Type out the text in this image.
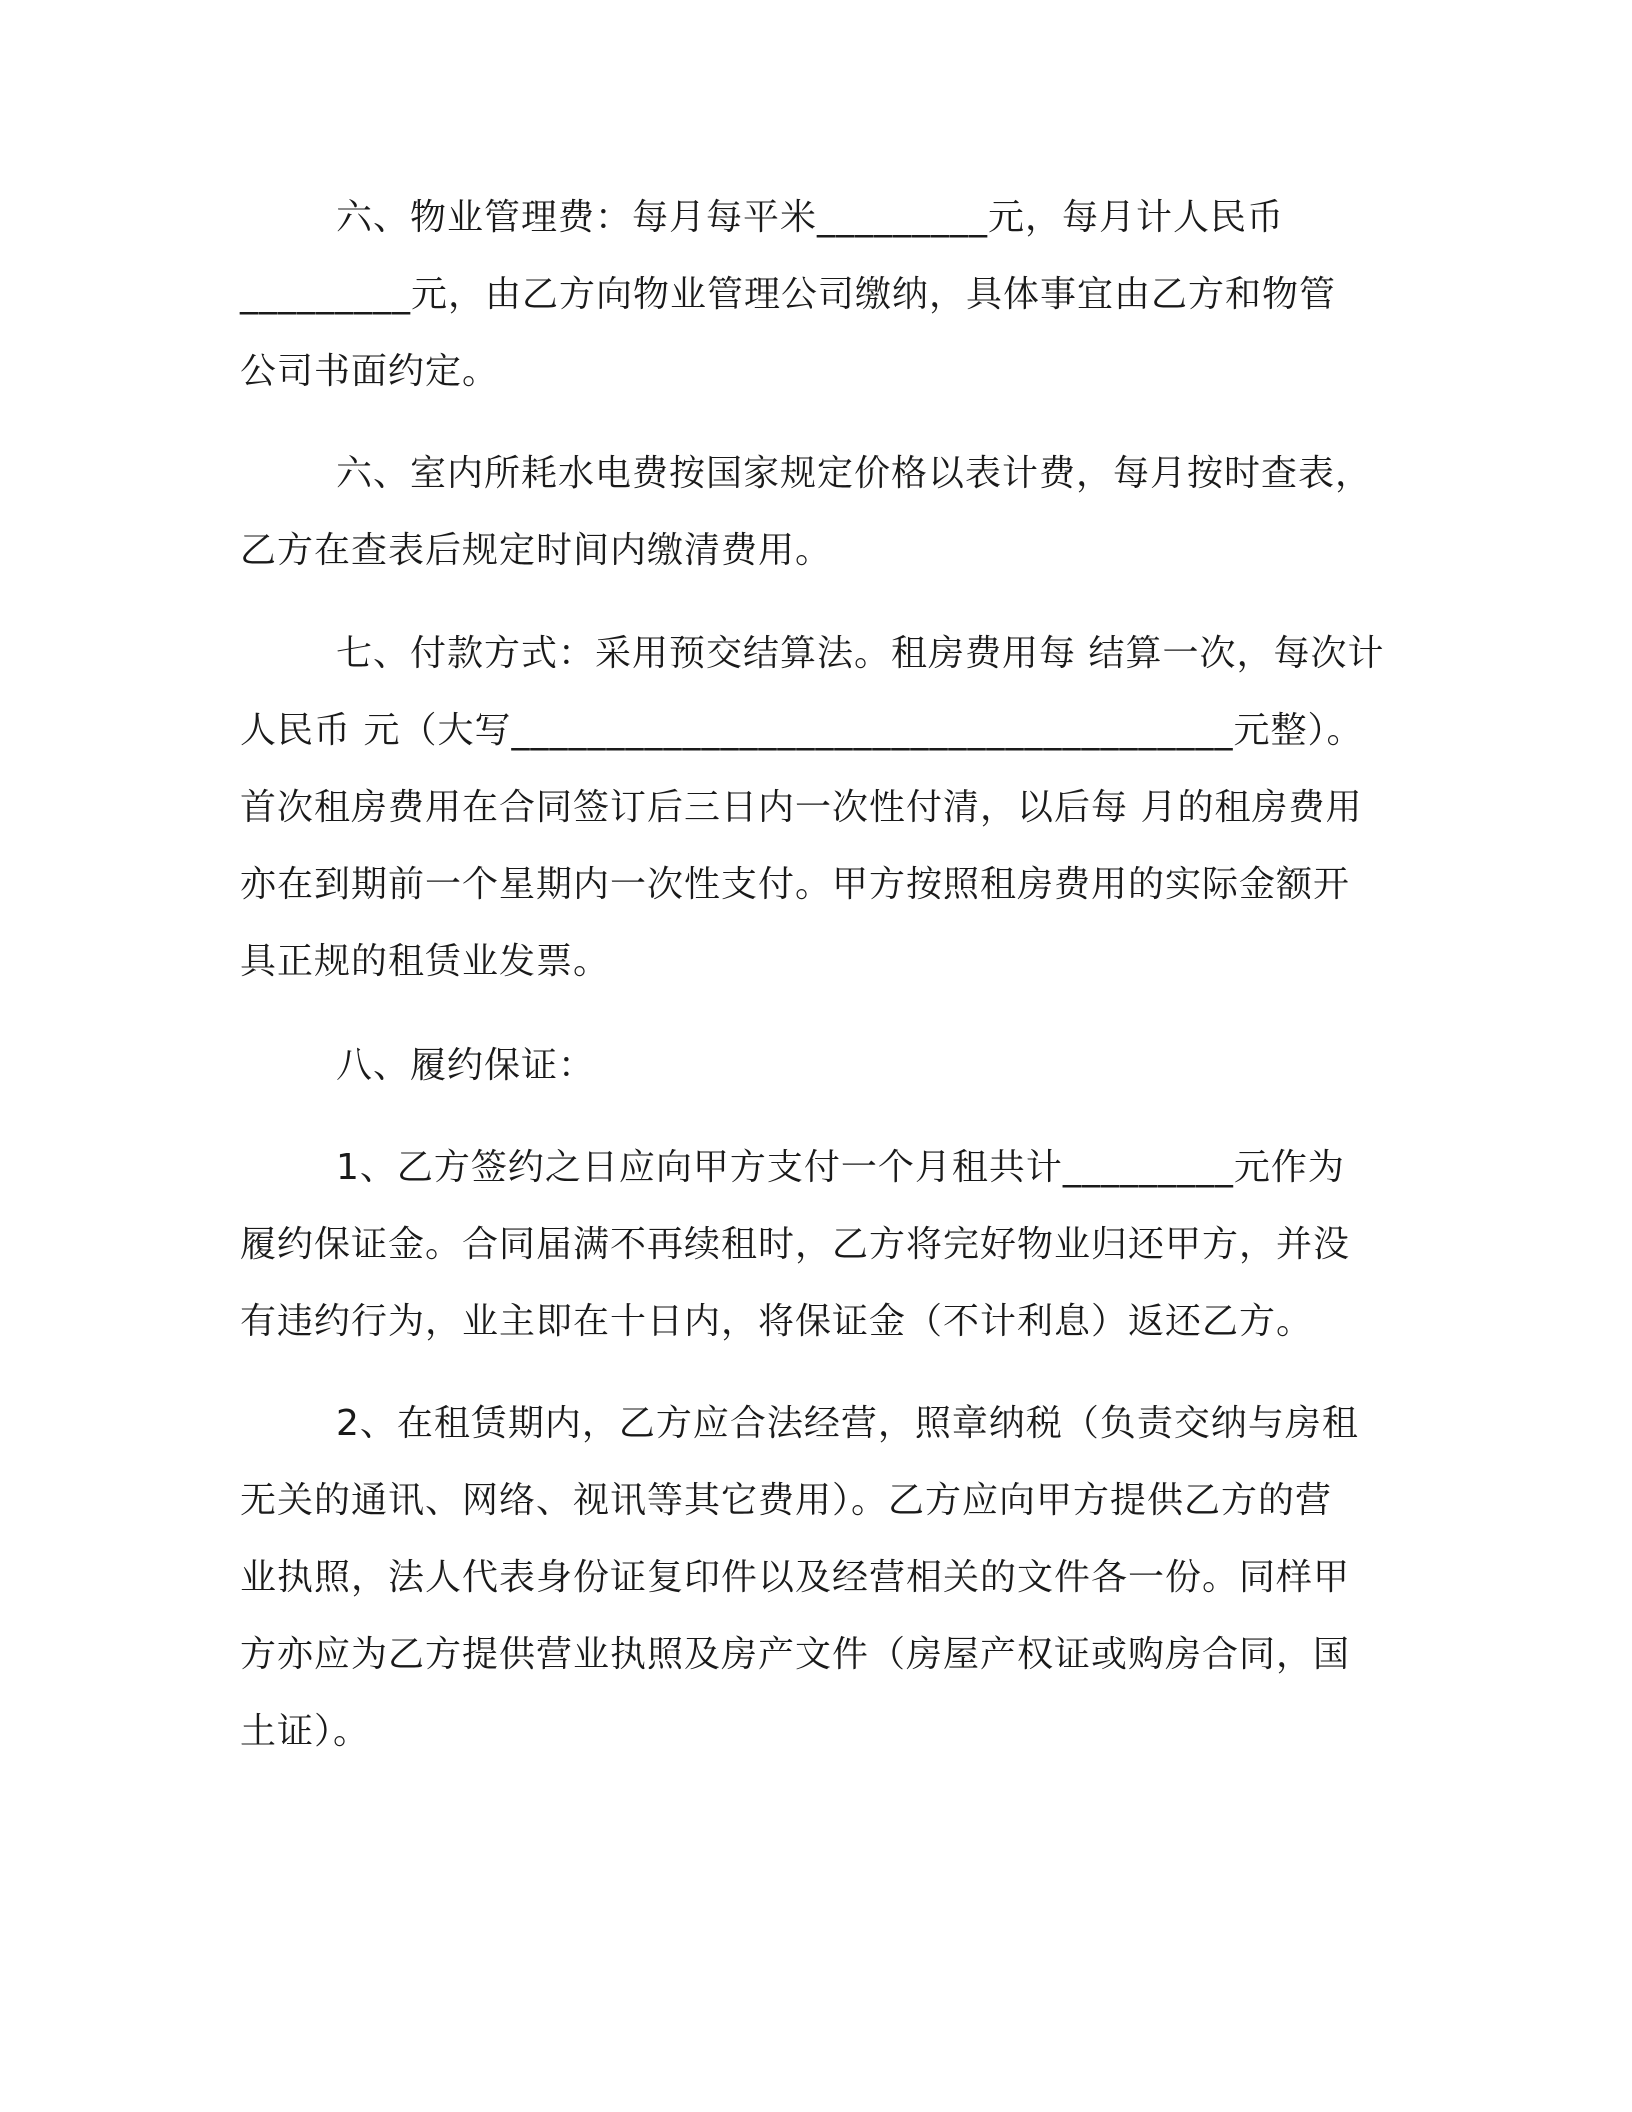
六、物业管理费：每月每平米_________元，每月计人民币
_________元，由乙方向物业管理公司缴纳，具体事宜由乙方和物管
公司书面约定。
六、室内所耗水电费按国家规定价格以表计费，每月按时查表，
乙方在查表后规定时间内缴清费用。
七、付款方式：采用预交结算法。租房费用每 结算一次，每次计
人民币 元（大写______________________________________元整）。
首次租房费用在合同签订后三日内一次性付清，以后每 月的租房费用
亦在到期前一个星期内一次性支付。甲方按照租房费用的实际金额开
具正规的租赁业发票。
八、履约保证：
1、乙方签约之日应向甲方支付一个月租共计_________元作为
履约保证金。合同届满不再续租时，乙方将完好物业归还甲方，并没
有违约行为，业主即在十日内，将保证金（不计利息）返还乙方。
2、在租赁期内，乙方应合法经营，照章纳税（负责交纳与房租
无关的通讯、网络、视讯等其它费用）。乙方应向甲方提供乙方的营
业执照，法人代表身份证复印件以及经营相关的文件各一份。同样甲
方亦应为乙方提供营业执照及房产文件（房屋产权证或购房合同，国
土证）。
